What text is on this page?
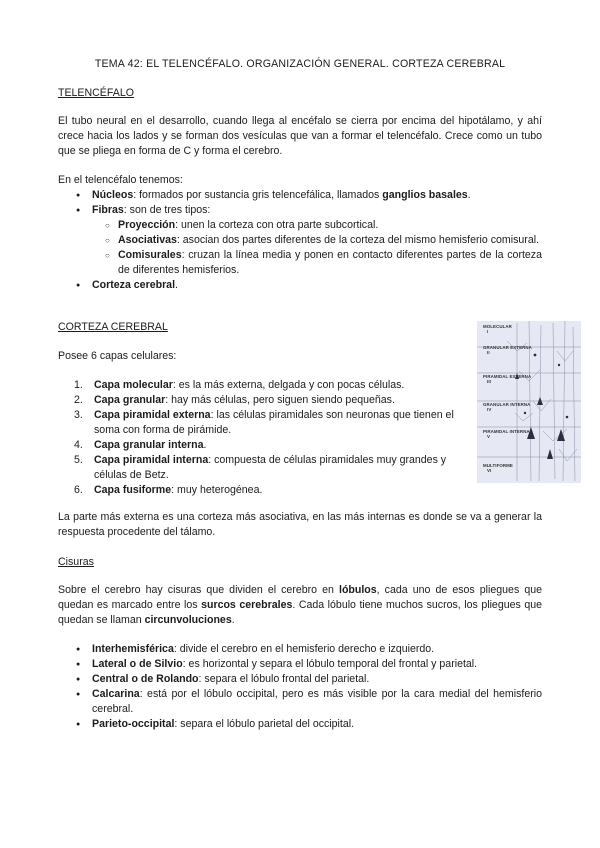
TEMA 42: EL TELENCÉFALO. ORGANIZACIÓN GENERAL. CORTEZA CEREBRAL
TELENCÉFALO

El tubo neural en el desarrollo, cuando llega al encéfalo se cierra por encima del hipotálamo, y ahí crece hacia los lados y se forman dos vesículas que van a formar el telencéfalo. Crece como un tubo que se pliega en forma de C y forma el cerebro.

En el telencéfalo tenemos:

● Núcleos: formados por sustancia gris telencefálica, llamados ganglios basales.
● Fibras: son de tres tipos:
○ Proyección: unen la corteza con otra parte subcortical.
○ Asociativas: asocian dos partes diferentes de la corteza del mismo hemisferio comisural.
○ Comisurales: cruzan la línea media y ponen en contacto diferentes partes de la corteza de diferentes hemisferios.
● Corteza cerebral.
CORTEZA CEREBRAL

Posee 6 capas celulares:

1. Capa molecular: es la más externa, delgada y con pocas células.
2. Capa granular: hay más células, pero siguen siendo pequeñas.
3. Capa piramidal externa: las células piramidales son neuronas que tienen el soma con forma de pirámide.
4. Capa granular interna.
5. Capa piramidal interna: compuesta de células piramidales muy grandes y células de Betz.
6. Capa fusiforme: muy heterogénea.

La parte más externa es una corteza más asociativa, en las más internas es donde se va a generar la respuesta procedente del tálamo.

Cisuras

Sobre el cerebro hay cisuras que dividen el cerebro en lóbulos, cada uno de esos pliegues que quedan es marcado entre los surcos cerebrales. Cada lóbulo tiene muchos sucros, los pliegues que quedan se llaman circunvoluciones.

● Interhemisférica: divide el cerebro en el hemisferio derecho e izquierdo.
● Lateral o de Silvio: es horizontal y separa el lóbulo temporal del frontal y parietal.
● Central o de Rolando: separa el lóbulo frontal del parietal.
● Calcarina: está por el lóbulo occipital, pero es más visible por la cara medial del hemisferio cerebral.
● Parieto-occipital: separa el lóbulo parietal del occipital.
MOLECULAR
I
GRANULAR EXTERNA
II
PIRAMIDAL EXTERNA
III
GRANULAR INTERNA
IV
PIRAMIDAL INTERNA
V
MULTIFORME
VI
